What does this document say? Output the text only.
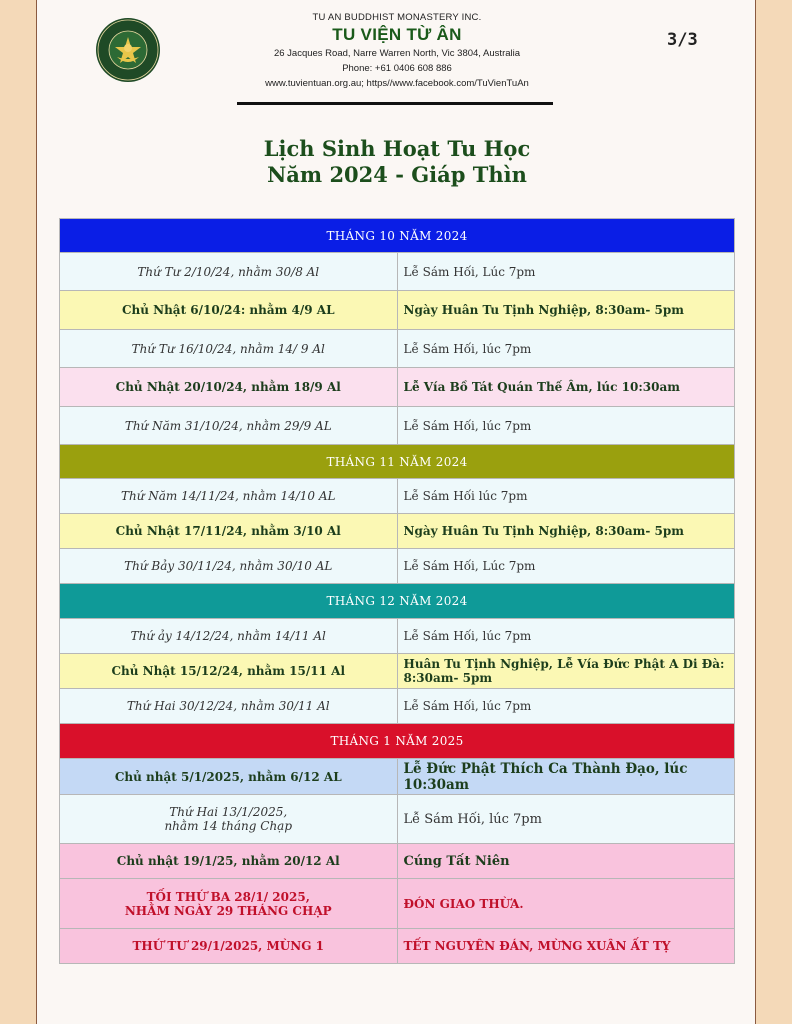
TU AN BUDDHIST MONASTERY INC.
TU VIỆN TỪ ÂN
26 Jacques Road, Narre Warren North, Vic 3804, Australia
Phone: +61 0406 608 886
www.tuvientuan.org.au; https//www.facebook.com/TuVienTuAn
3/3
Lịch Sinh Hoạt Tu Học
Năm 2024 - Giáp Thìn
THÁNG 10 NĂM 2024	
Thứ Tư 2/10/24, nhằm 30/8 Al	Lễ Sám Hối, Lúc 7pm
Chủ Nhật 6/10/24: nhằm 4/9 AL	Ngày Huân Tu Tịnh Nghiệp, 8:30am- 5pm
Thứ Tư 16/10/24, nhằm 14/ 9 Al	Lễ Sám Hối, lúc 7pm
Chủ Nhật 20/10/24, nhằm 18/9 Al	Lễ Vía Bồ Tát Quán Thế Âm, lúc 10:30am
Thứ Năm 31/10/24, nhằm 29/9 AL	Lễ Sám Hối, lúc 7pm
THÁNG 11 NĂM 2024	
Thứ Năm 14/11/24, nhằm 14/10 AL	Lễ Sám Hối lúc 7pm
Chủ Nhật 17/11/24, nhằm 3/10 Al	Ngày Huân Tu Tịnh Nghiệp, 8:30am- 5pm
Thứ Bảy 30/11/24, nhằm 30/10 AL	Lễ Sám Hối, Lúc 7pm
THÁNG 12 NĂM 2024	
Thứ ảy 14/12/24, nhằm 14/11 Al	Lễ Sám Hối, lúc 7pm
Chủ Nhật 15/12/24, nhằm 15/11 Al	Huân Tu Tịnh Nghiệp, Lễ Vía Đức Phật A Di Đà: 8:30am- 5pm
Thứ Hai 30/12/24, nhằm 30/11 Al	Lễ Sám Hối, lúc 7pm
THÁNG 1 NĂM 2025	
Chủ nhật 5/1/2025, nhằm 6/12 AL	Lễ Đức Phật Thích Ca Thành Đạo, lúc 10:30am

Thứ Hai 13/1/2025,
nhằm 14 tháng Chạp	Lễ Sám Hối, lúc 7pm
Chủ nhật 19/1/25, nhằm 20/12 Al	Cúng Tất Niên

TỐI THỨ BA 28/1/ 2025,
NHẰM NGÀY 29 THÁNG CHẠP	ĐÓN GIAO THỪA.
THỨ TƯ 29/1/2025, MÙNG 1	TẾT NGUYÊN ĐÁN, MỪNG XUÂN ẤT TỴ
